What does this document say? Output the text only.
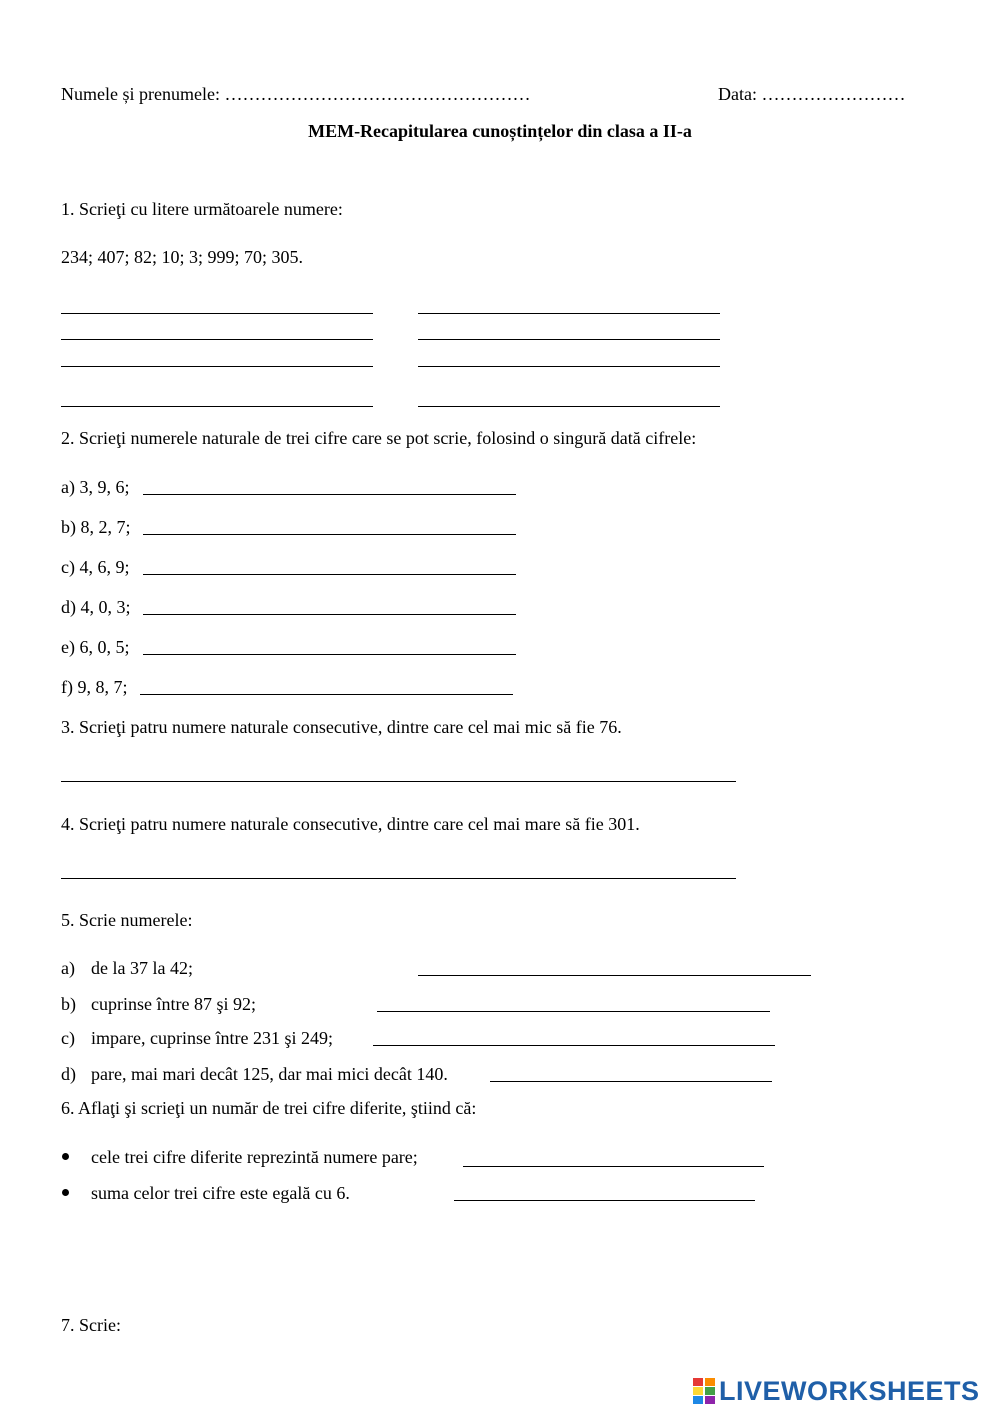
Numele și prenumele: ……………………………………………	Data: ……………………
MEM-Recapitularea cunoștințelor din clasa a II-a
1. Scrieţi cu litere următoarele numere:
234; 407; 82; 10; 3; 999; 70; 305.
2. Scrieţi numerele naturale de trei cifre care se pot scrie, folosind o singură dată cifrele:
a) 3, 9, 6;
b) 8, 2, 7;
c) 4, 6, 9;
d) 4, 0, 3;
e) 6, 0, 5;
f) 9, 8, 7;
3. Scrieţi patru numere naturale consecutive, dintre care cel mai mic să fie 76.
4. Scrieţi patru numere naturale consecutive, dintre care cel mai mare să fie 301.
5. Scrie numerele:
a) de la 37 la 42;
b) cuprinse între 87 şi 92;
c) impare, cuprinse între 231 şi 249;
d) pare, mai mari decât 125, dar mai mici decât 140.
6. Aflaţi şi scrieţi un număr de trei cifre diferite, ştiind că:
cele trei cifre diferite reprezintă numere pare;
suma celor trei cifre este egală cu 6.
7. Scrie:
LIVEWORKSHEETS
